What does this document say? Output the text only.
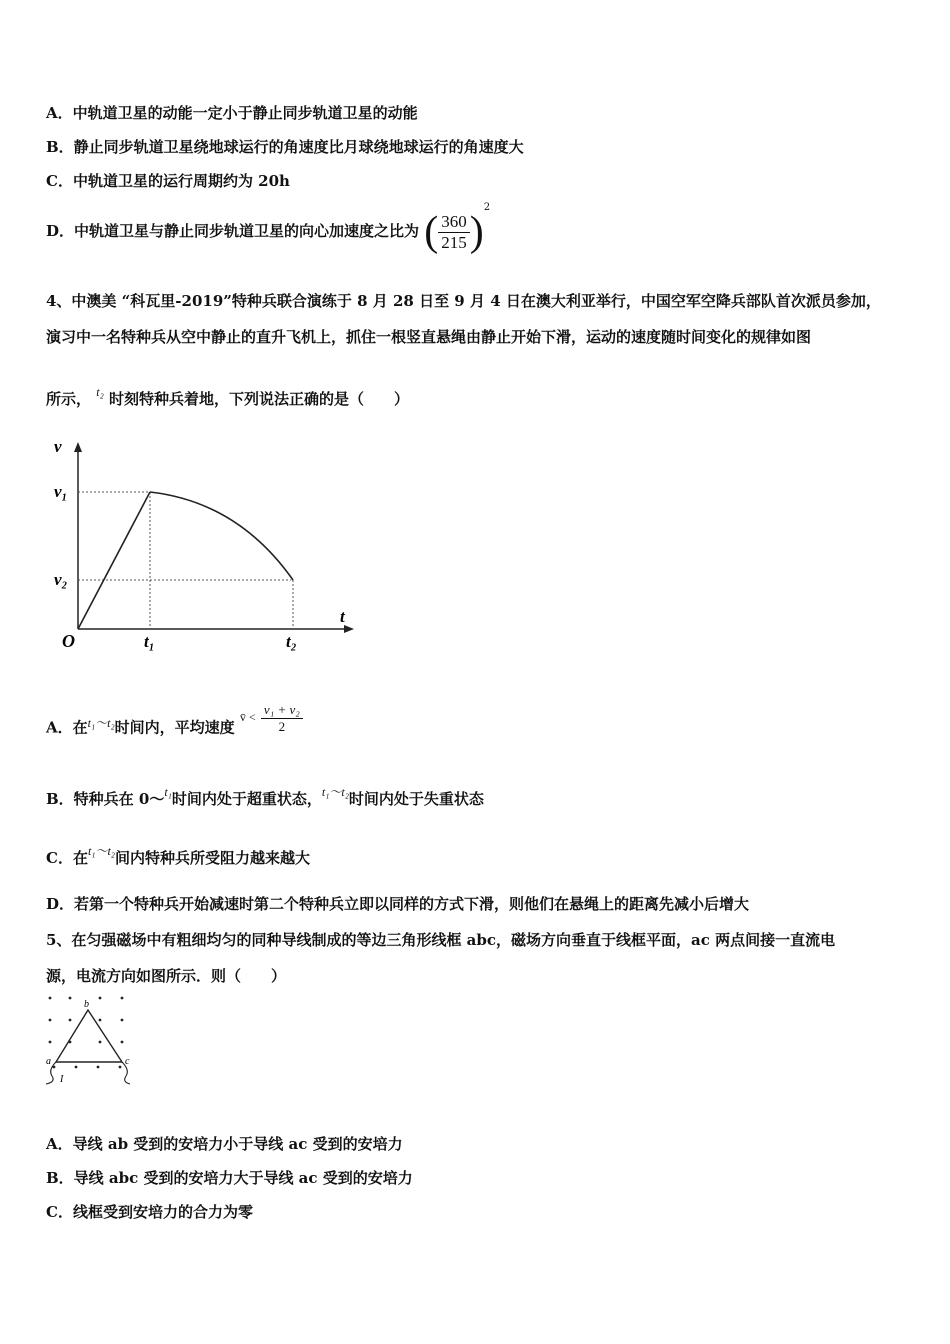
A．中轨道卫星的动能一定小于静止同步轨道卫星的动能
B．静止同步轨道卫星绕地球运行的角速度比月球绕地球运行的角速度大
C．中轨道卫星的运行周期约为 20h
D．中轨道卫星与静止同步轨道卫星的向心加速度之比为 ( $\frac{360}{215} )^2$
4、中澳美 “科瓦里-2019”特种兵联合演练于 8 月 28 日至 9 月 4 日在澳大利亚举行，中国空军空降兵部队首次派员参加，
演习中一名特种兵从空中静止的直升飞机上，抓住一根竖直悬绳由静止开始下滑，运动的速度随时间变化的规律如图
所示， $^{t_2}$ 时刻特种兵着地，下列说法正确的是（　　）
v
t
v₁
v₂
O	t₁	t₂
A．在$^{t_1\sim t_2}$时间内，平均速度 $^{v̄ <} \frac{\text{v₁ + v₂}}{2}$
B．特种兵在 0～$^{t_1}$时间内处于超重状态，$^{t_1\sim t_2}$时间内处于失重状态
C．在$^{t_1\sim t_2}$间内特种兵所受阻力越来越大
D．若第一个特种兵开始减速时第二个特种兵立即以同样的方式下滑，则他们在悬绳上的距离先减小后增大
5、在匀强磁场中有粗细均匀的同种导线制成的等边三角形线框 abc，磁场方向垂直于线框平面，ac 两点间接一直流电
源，电流方向如图所示．则（　　）
b
a	c
I
A．导线 ab 受到的安培力小于导线 ac 受到的安培力
B．导线 abc 受到的安培力大于导线 ac 受到的安培力
C．线框受到安培力的合力为零
